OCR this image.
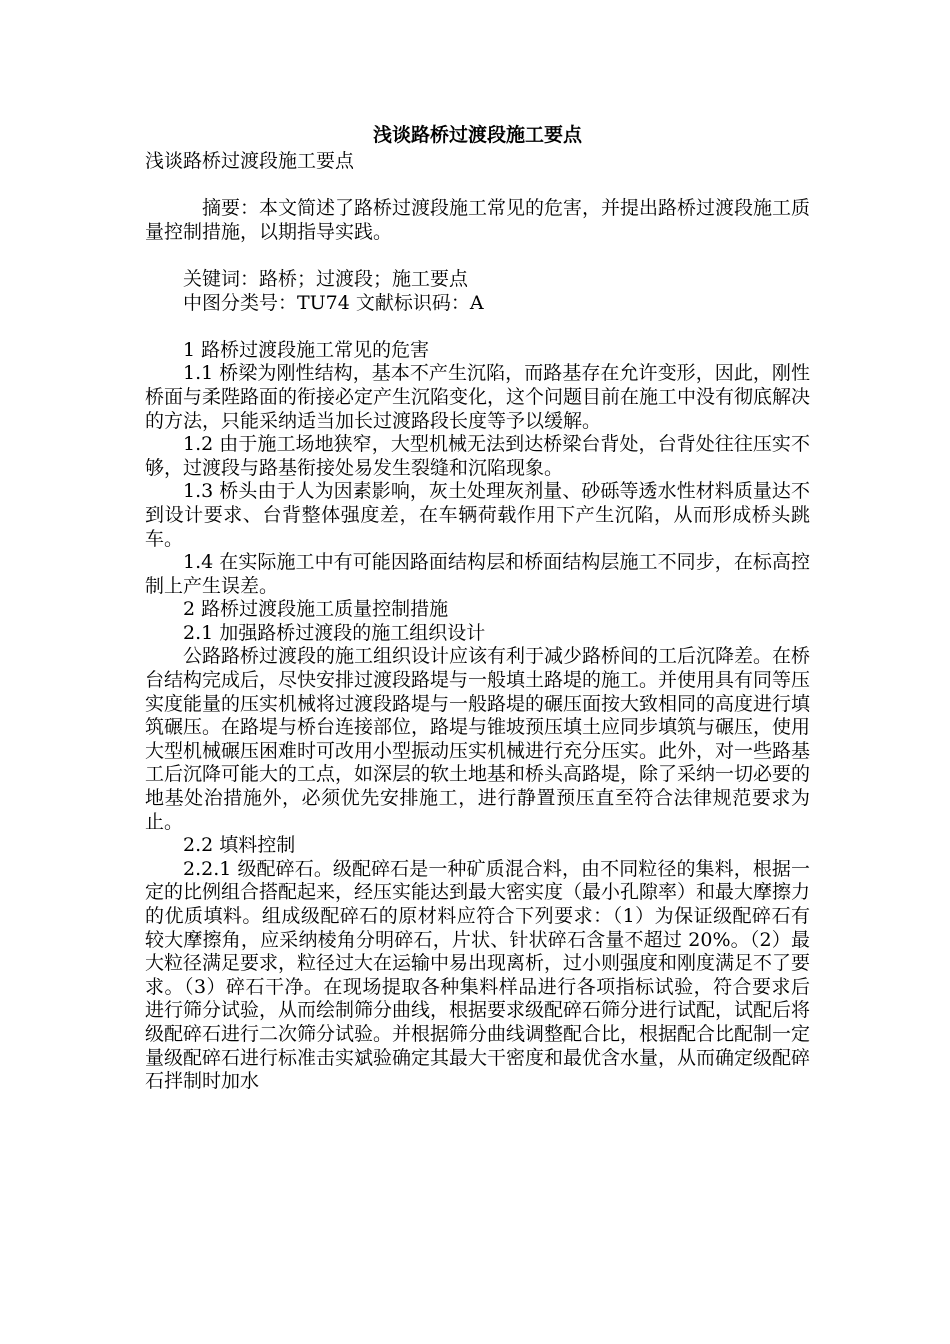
浅谈路桥过渡段施工要点

浅谈路桥过渡段施工要点

摘要：本文简述了路桥过渡段施工常见的危害，并提出路桥过渡段施工质量控制措施，以期指导实践。

关键词：路桥；过渡段；施工要点

中图分类号：TU74 文献标识码：A

1 路桥过渡段施工常见的危害

1.1 桥梁为刚性结构，基本不产生沉陷，而路基存在允许变形，因此，刚性桥面与柔陛路面的衔接必定产生沉陷变化，这个问题目前在施工中没有彻底解决的方法，只能采纳适当加长过渡路段长度等予以缓解。

1.2 由于施工场地狭窄，大型机械无法到达桥梁台背处，台背处往往压实不够，过渡段与路基衔接处易发生裂缝和沉陷现象。

1.3 桥头由于人为因素影响，灰土处理灰剂量、砂砾等透水性材料质量达不到设计要求、台背整体强度差，在车辆荷载作用下产生沉陷，从而形成桥头跳车。

1.4 在实际施工中有可能因路面结构层和桥面结构层施工不同步，在标高控制上产生误差。

2 路桥过渡段施工质量控制措施

2.1 加强路桥过渡段的施工组织设计

公路路桥过渡段的施工组织设计应该有利于减少路桥间的工后沉降差。在桥台结构完成后，尽快安排过渡段路堤与一般填土路堤的施工。并使用具有同等压实度能量的压实机械将过渡段路堤与一般路堤的碾压面按大致相同的高度进行填筑碾压。在路堤与桥台连接部位，路堤与锥坡预压填土应同步填筑与碾压，使用大型机械碾压困难时可改用小型振动压实机械进行充分压实。此外，对一些路基工后沉降可能大的工点，如深层的软土地基和桥头高路堤，除了采纳一切必要的地基处治措施外，必须优先安排施工，进行静置预压直至符合法律规范要求为止。

2.2 填料控制

2.2.1 级配碎石。级配碎石是一种矿质混合料，由不同粒径的集料，根据一定的比例组合搭配起来，经压实能达到最大密实度（最小孔隙率）和最大摩擦力的优质填料。组成级配碎石的原材料应符合下列要求：（1）为保证级配碎石有较大摩擦角，应采纳棱角分明碎石，片状、针状碎石含量不超过 20%。（2）最大粒径满足要求，粒径过大在运输中易出现离析，过小则强度和刚度满足不了要求。（3）碎石干净。在现场提取各种集料样品进行各项指标试验，符合要求后进行筛分试验，从而绘制筛分曲线，根据要求级配碎石筛分进行试配，试配后将级配碎石进行二次筛分试验。并根据筛分曲线调整配合比，根据配合比配制一定量级配碎石进行标准击实斌验确定其最大干密度和最优含水量，从而确定级配碎石拌制时加水
